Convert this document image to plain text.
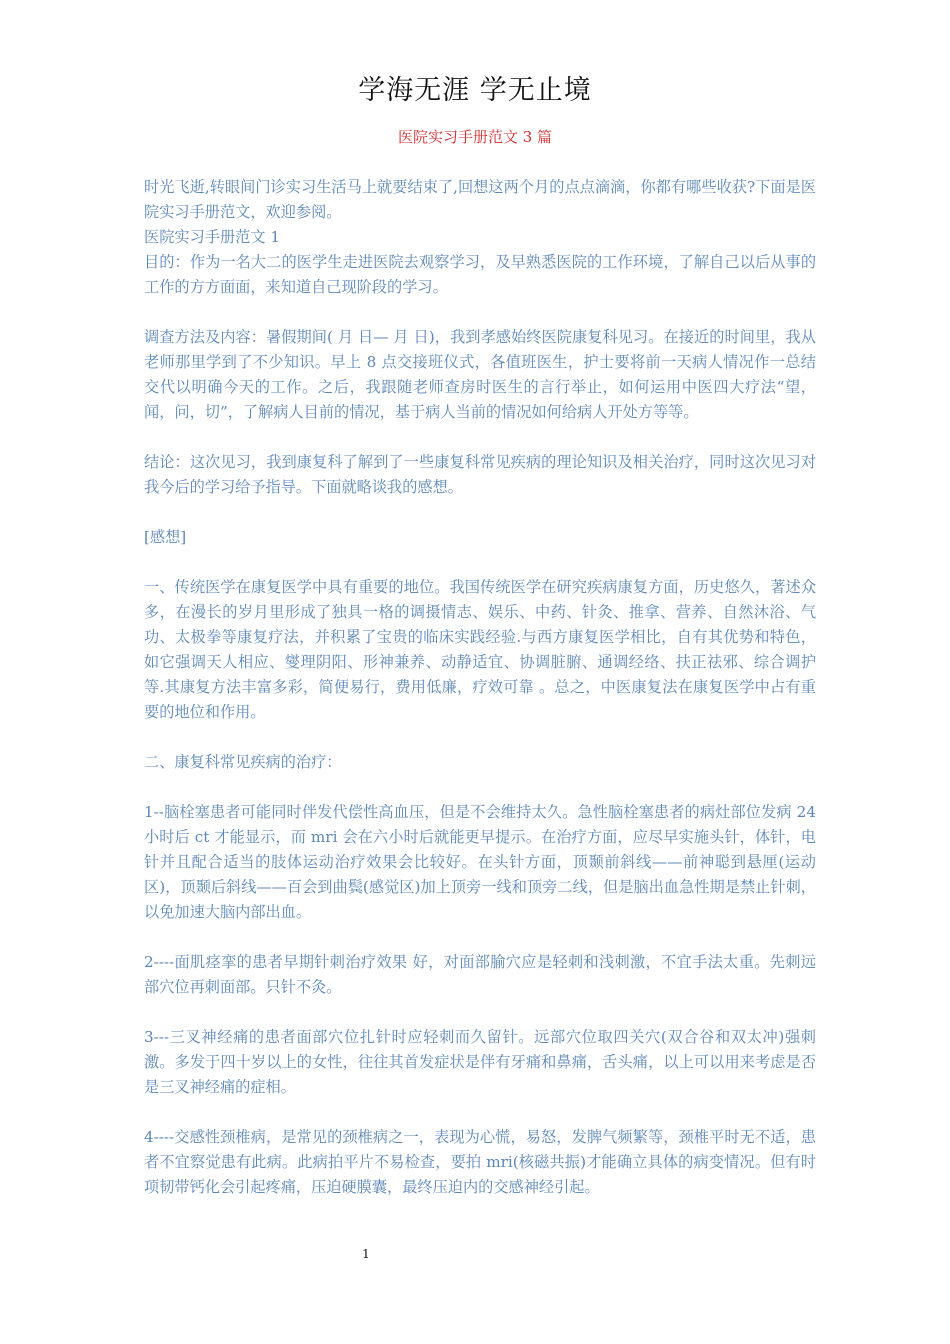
学海无涯 学无止境
医院实习手册范文 3 篇

时光飞逝,转眼间门诊实习生活马上就要结束了,回想这两个月的点点滴滴，你都有哪些收获?下面是医院实习手册范文，欢迎参阅。

医院实习手册范文 1

目的：作为一名大二的医学生走进医院去观察学习，及早熟悉医院的工作环境，了解自己以后从事的工作的方方面面，来知道自己现阶段的学习。

调查方法及内容：暑假期间( 月 日— 月 日)，我到孝感始终医院康复科见习。在接近的时间里，我从老师那里学到了不少知识。早上 8 点交接班仪式，各值班医生，护士要将前一天病人情况作一总结交代以明确今天的工作。之后，我跟随老师查房时医生的言行举止，如何运用中医四大疗法“望，闻，问，切”，了解病人目前的情况，基于病人当前的情况如何给病人开处方等等。

结论：这次见习，我到康复科了解到了一些康复科常见疾病的理论知识及相关治疗，同时这次见习对我今后的学习给予指导。下面就略谈我的感想。

[感想]

一、传统医学在康复医学中具有重要的地位。我国传统医学在研究疾病康复方面，历史悠久，著述众多，在漫长的岁月里形成了独具一格的调摄情志、娱乐、中药、针灸、推拿、营养、自然沐浴、气功、太极拳等康复疗法，并积累了宝贵的临床实践经验.与西方康复医学相比，自有其优势和特色，如它强调天人相应、燮理阴阳、形神兼养、动静适宜、协调脏腑、通调经络、扶正祛邪、综合调护等.其康复方法丰富多彩，简便易行，费用低廉，疗效可靠 。总之，中医康复法在康复医学中占有重要的地位和作用。

二、康复科常见疾病的治疗：

1--脑栓塞患者可能同时伴发代偿性高血压，但是不会维持太久。急性脑栓塞患者的病灶部位发病 24 小时后 ct 才能显示，而 mri 会在六小时后就能更早提示。在治疗方面，应尽早实施头针，体针，电针并且配合适当的肢体运动治疗效果会比较好。在头针方面，顶颞前斜线——前神聪到悬厘(运动区)，顶颞后斜线——百会到曲鬓(感觉区)加上顶旁一线和顶旁二线，但是脑出血急性期是禁止针刺，以免加速大脑内部出血。

2----面肌痉挛的患者早期针刺治疗效果 好，对面部腧穴应是轻刺和浅刺激，不宜手法太重。先刺远部穴位再刺面部。只针不灸。

3---三叉神经痛的患者面部穴位扎针时应轻刺而久留针。远部穴位取四关穴(双合谷和双太冲)强刺激。多发于四十岁以上的女性，往往其首发症状是伴有牙痛和鼻痛，舌头痛，以上可以用来考虑是否是三叉神经痛的症相。

4----交感性颈椎病，是常见的颈椎病之一，表现为心慌，易怒，发脾气频繁等，颈椎平时无不适，患者不宜察觉患有此病。此病拍平片不易检查，要拍 mri(核磁共振)才能确立具体的病变情况。但有时项韧带钙化会引起疼痛，压迫硬膜囊，最终压迫内的交感神经引起。

1
